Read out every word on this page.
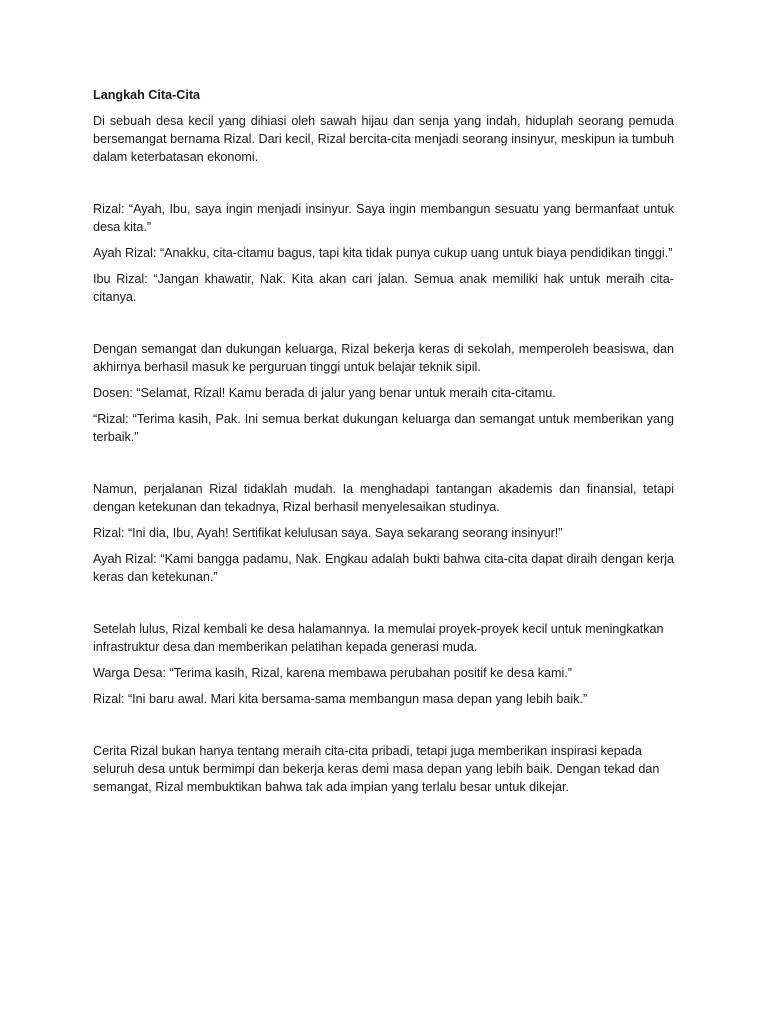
Langkah Cita-Cita

Di sebuah desa kecil yang dihiasi oleh sawah hijau dan senja yang indah, hiduplah seorang pemuda bersemangat bernama Rizal. Dari kecil, Rizal bercita-cita menjadi seorang insinyur, meskipun ia tumbuh dalam keterbatasan ekonomi.

Rizal: “Ayah, Ibu, saya ingin menjadi insinyur. Saya ingin membangun sesuatu yang bermanfaat untuk desa kita.”

Ayah Rizal: “Anakku, cita-citamu bagus, tapi kita tidak punya cukup uang untuk biaya pendidikan tinggi.”

Ibu Rizal: “Jangan khawatir, Nak. Kita akan cari jalan. Semua anak memiliki hak untuk meraih cita-citanya.

Dengan semangat dan dukungan keluarga, Rizal bekerja keras di sekolah, memperoleh beasiswa, dan akhirnya berhasil masuk ke perguruan tinggi untuk belajar teknik sipil.

Dosen: “Selamat, Rizal! Kamu berada di jalur yang benar untuk meraih cita-citamu.

“Rizal: “Terima kasih, Pak. Ini semua berkat dukungan keluarga dan semangat untuk memberikan yang terbaik.”

Namun, perjalanan Rizal tidaklah mudah. Ia menghadapi tantangan akademis dan finansial, tetapi dengan ketekunan dan tekadnya, Rizal berhasil menyelesaikan studinya.

Rizal: “Ini dia, Ibu, Ayah! Sertifikat kelulusan saya. Saya sekarang seorang insinyur!”

Ayah Rizal: “Kami bangga padamu, Nak. Engkau adalah bukti bahwa cita-cita dapat diraih dengan kerja keras dan ketekunan.”

Setelah lulus, Rizal kembali ke desa halamannya. Ia memulai proyek-proyek kecil untuk meningkatkan infrastruktur desa dan memberikan pelatihan kepada generasi muda.

Warga Desa: “Terima kasih, Rizal, karena membawa perubahan positif ke desa kami.”

Rizal: “Ini baru awal. Mari kita bersama-sama membangun masa depan yang lebih baik.”

Cerita Rizal bukan hanya tentang meraih cita-cita pribadi, tetapi juga memberikan inspirasi kepada seluruh desa untuk bermimpi dan bekerja keras demi masa depan yang lebih baik. Dengan tekad dan semangat, Rizal membuktikan bahwa tak ada impian yang terlalu besar untuk dikejar.
